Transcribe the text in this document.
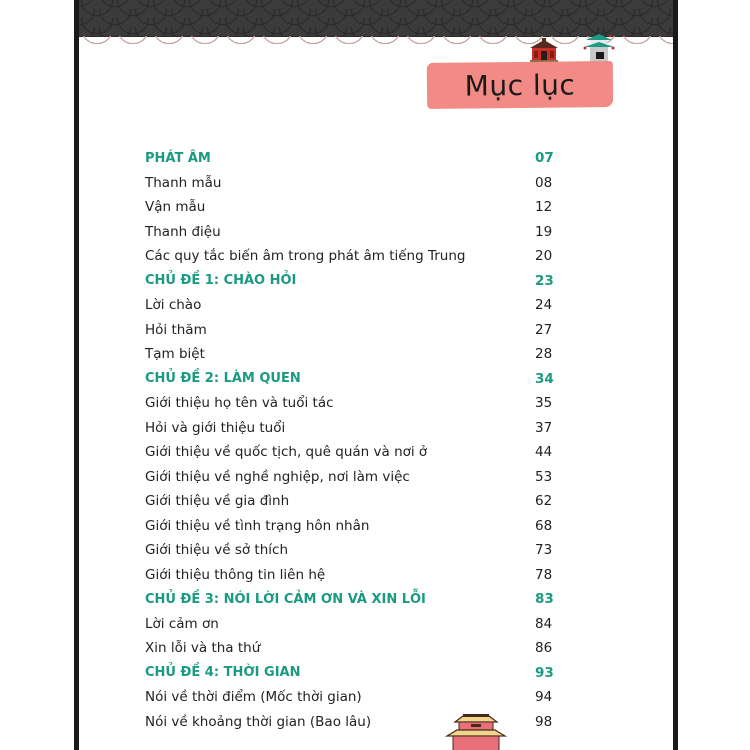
Mục lục
PHÁT ÂM	07
Thanh mẫu	08
Vận mẫu	12
Thanh điệu	19
Các quy tắc biến âm trong phát âm tiếng Trung	20
CHỦ ĐỀ 1: CHÀO HỎI	23
Lời chào	24
Hỏi thăm	27
Tạm biệt	28
CHỦ ĐỀ 2: LÀM QUEN	34
Giới thiệu họ tên và tuổi tác	35
Hỏi và giới thiệu tuổi	37
Giới thiệu về quốc tịch, quê quán và nơi ở	44
Giới thiệu về nghề nghiệp, nơi làm việc	53
Giới thiệu về gia đình	62
Giới thiệu về tình trạng hôn nhân	68
Giới thiệu về sở thích	73
Giới thiệu thông tin liên hệ	78
CHỦ ĐỀ 3: NÓI LỜI CẢM ƠN VÀ XIN LỖI	83
Lời cảm ơn	84
Xin lỗi và tha thứ	86
CHỦ ĐỀ 4: THỜI GIAN	93
Nói về thời điểm (Mốc thời gian)	94
Nói về khoảng thời gian (Bao lâu)	98
